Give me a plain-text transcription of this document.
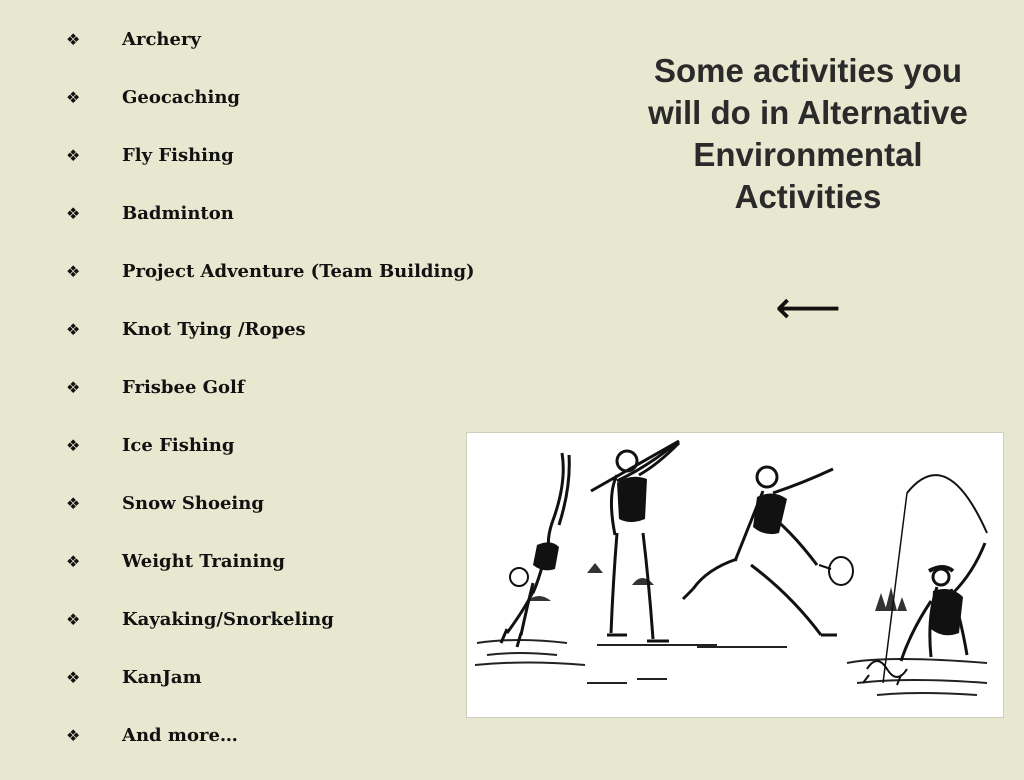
❖	Archery
❖	Geocaching
❖	Fly Fishing
❖	Badminton
❖	Project Adventure (Team Building)
❖	Knot Tying /Ropes
❖	Frisbee Golf
❖	Ice Fishing
❖	Snow Shoeing
❖	Weight Training
❖	Kayaking/Snorkeling
❖	KanJam
❖	And more…
Some activities you will do in Alternative Environmental Activities
⟵
